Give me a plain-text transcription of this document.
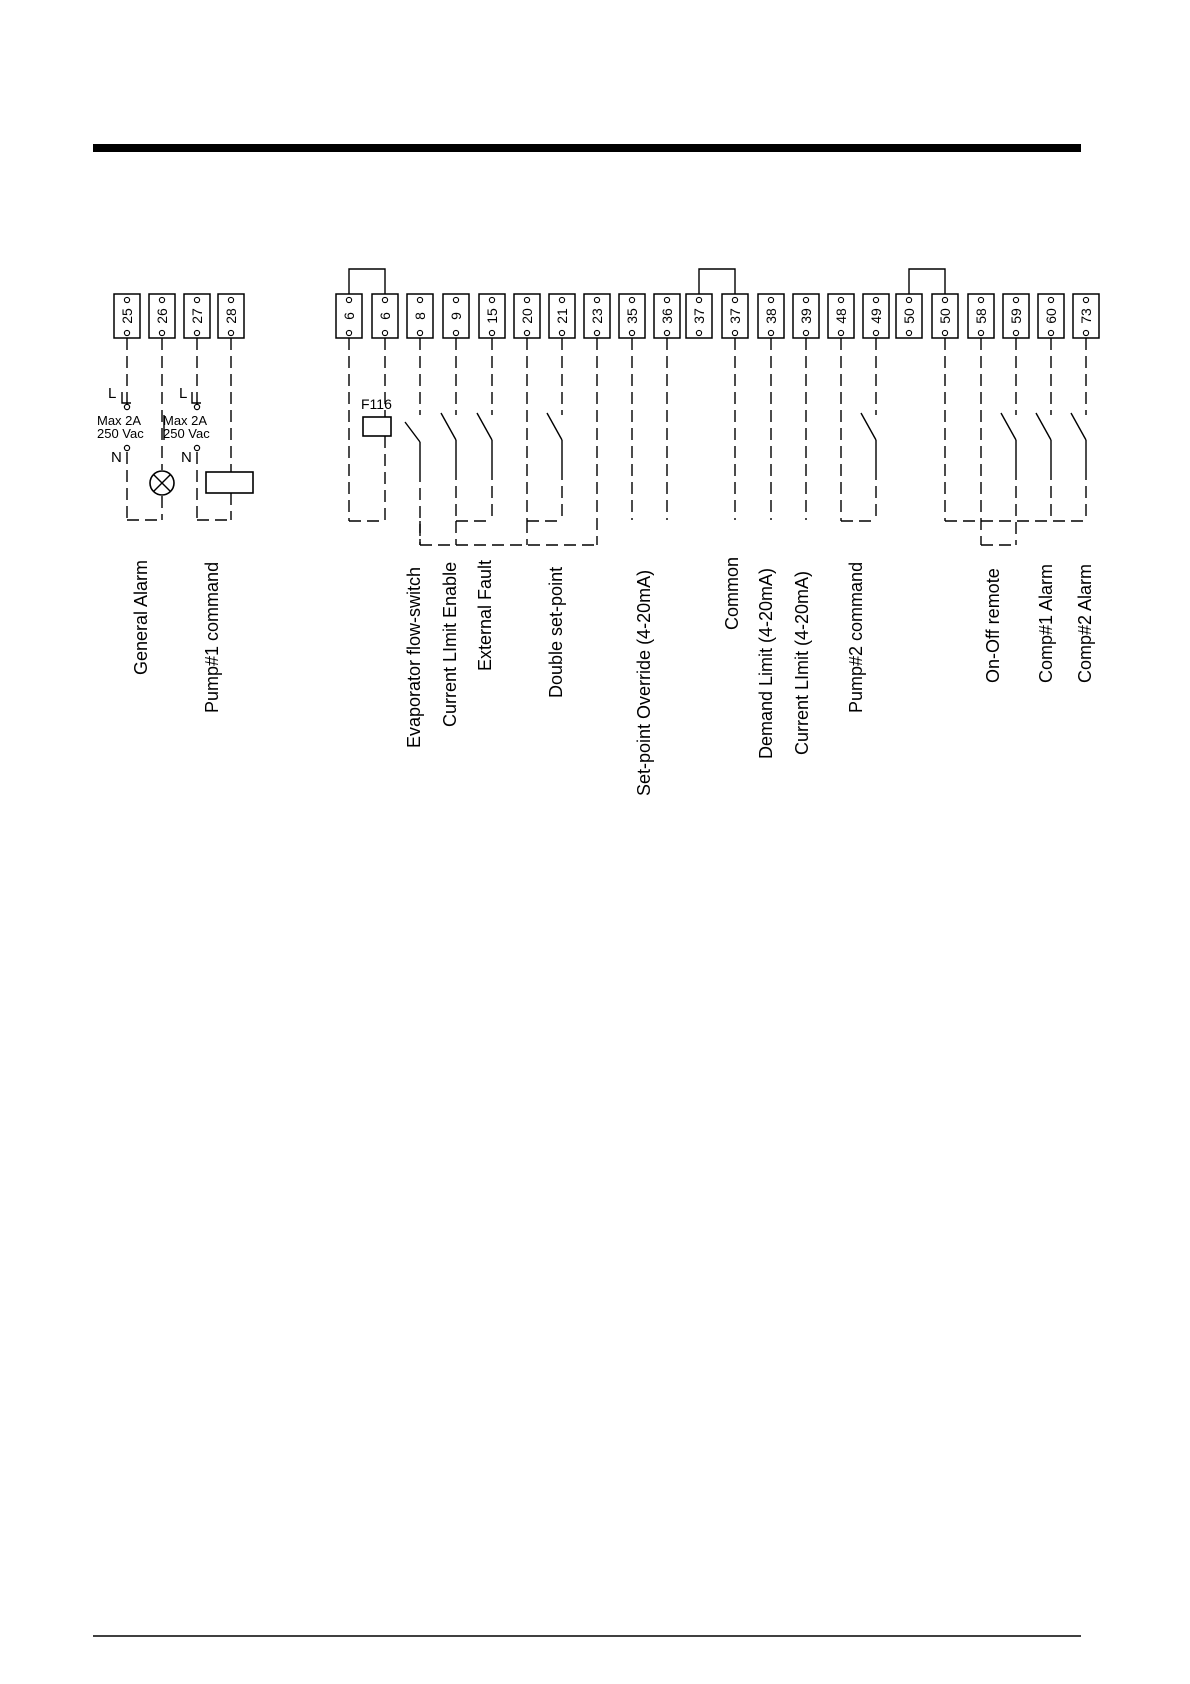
25 26 27 28	6 6 8 9 15 20 21 23 35 36 37 37 38 39 48 49 50 50 58 59 60 73
L
Max 2A
250 Vac
N
L
Max 2A
250 Vac
N
F116
General Alarm	Pump#1 command	Evaporator flow-switch Current LImit Enable External Fault	Double set-point	Set-point Override (4-20mA)	Common Demand Limit (4-20mA) Current LImit (4-20mA) Pump#2 command	On-Off remote Comp#1 Alarm Comp#2 Alarm
